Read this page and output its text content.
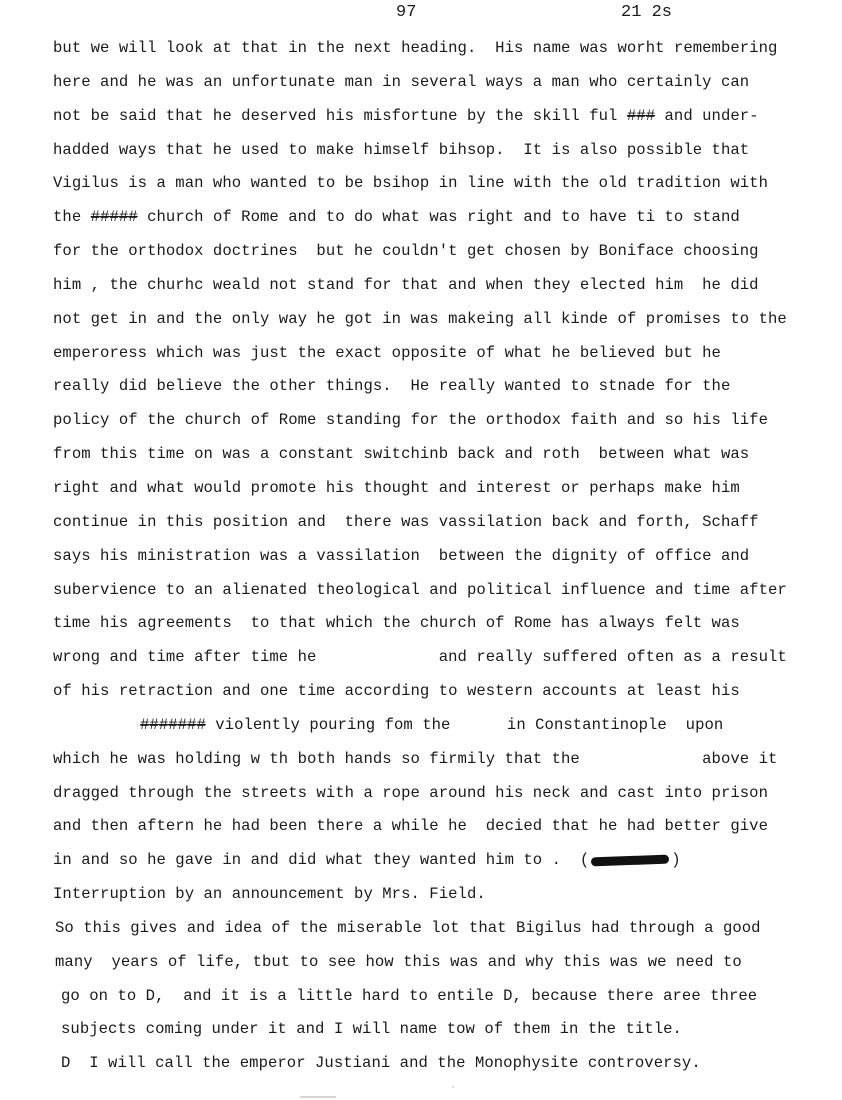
97	21 2s
but we will look at that in the next heading.  His name was worht remembering
here and he was an unfortunate man in several ways a man who certainly can
not be said that he deserved his misfortune by the skill ful ### and under-
hadded ways that he used to make himself bihsop.  It is also possible that
Vigilus is a man who wanted to be bsihop in line with the old tradition with
the ##### church of Rome and to do what was right and to have ti to stand
for the orthodox doctrines  but he couldn't get chosen by Boniface choosing
him , the churhc weald not stand for that and when they elected him  he did
not get in and the only way he got in was makeing all kinde of promises to the
emperoress which was just the exact opposite of what he believed but he
really did believe the other things.  He really wanted to stnade for the
policy of the church of Rome standing for the orthodox faith and so his life
from this time on was a constant switchinb back and roth  between what was
right and what would promote his thought and interest or perhaps make him
continue in this position and  there was vassilation back and forth, Schaff
says his ministration was a vassilation  between the dignity of office and
subervience to an alienated theological and political influence and time after
time his agreements  to that which the church of Rome has always felt was
wrong and time after time he             and really suffered often as a result
of his retraction and one time according to western accounts at least his
####### violently pouring fom the      in Constantinople  upon
which he was holding w th both hands so firmily that the             above it
dragged through the streets with a rope around his neck and cast into prison
and then aftern he had been there a while he  decied that he had better give
in and so he gave in and did what they wanted him to .  (	)
Interruption by an announcement by Mrs. Field.
So this gives and idea of the miserable lot that Bigilus had through a good
many  years of life, tbut to see how this was and why this was we need to
go on to D,  and it is a little hard to entile D, because there aree three
subjects coming under it and I will name tow of them in the title.
D  I will call the emperor Justiani and the Monophysite controversy.
